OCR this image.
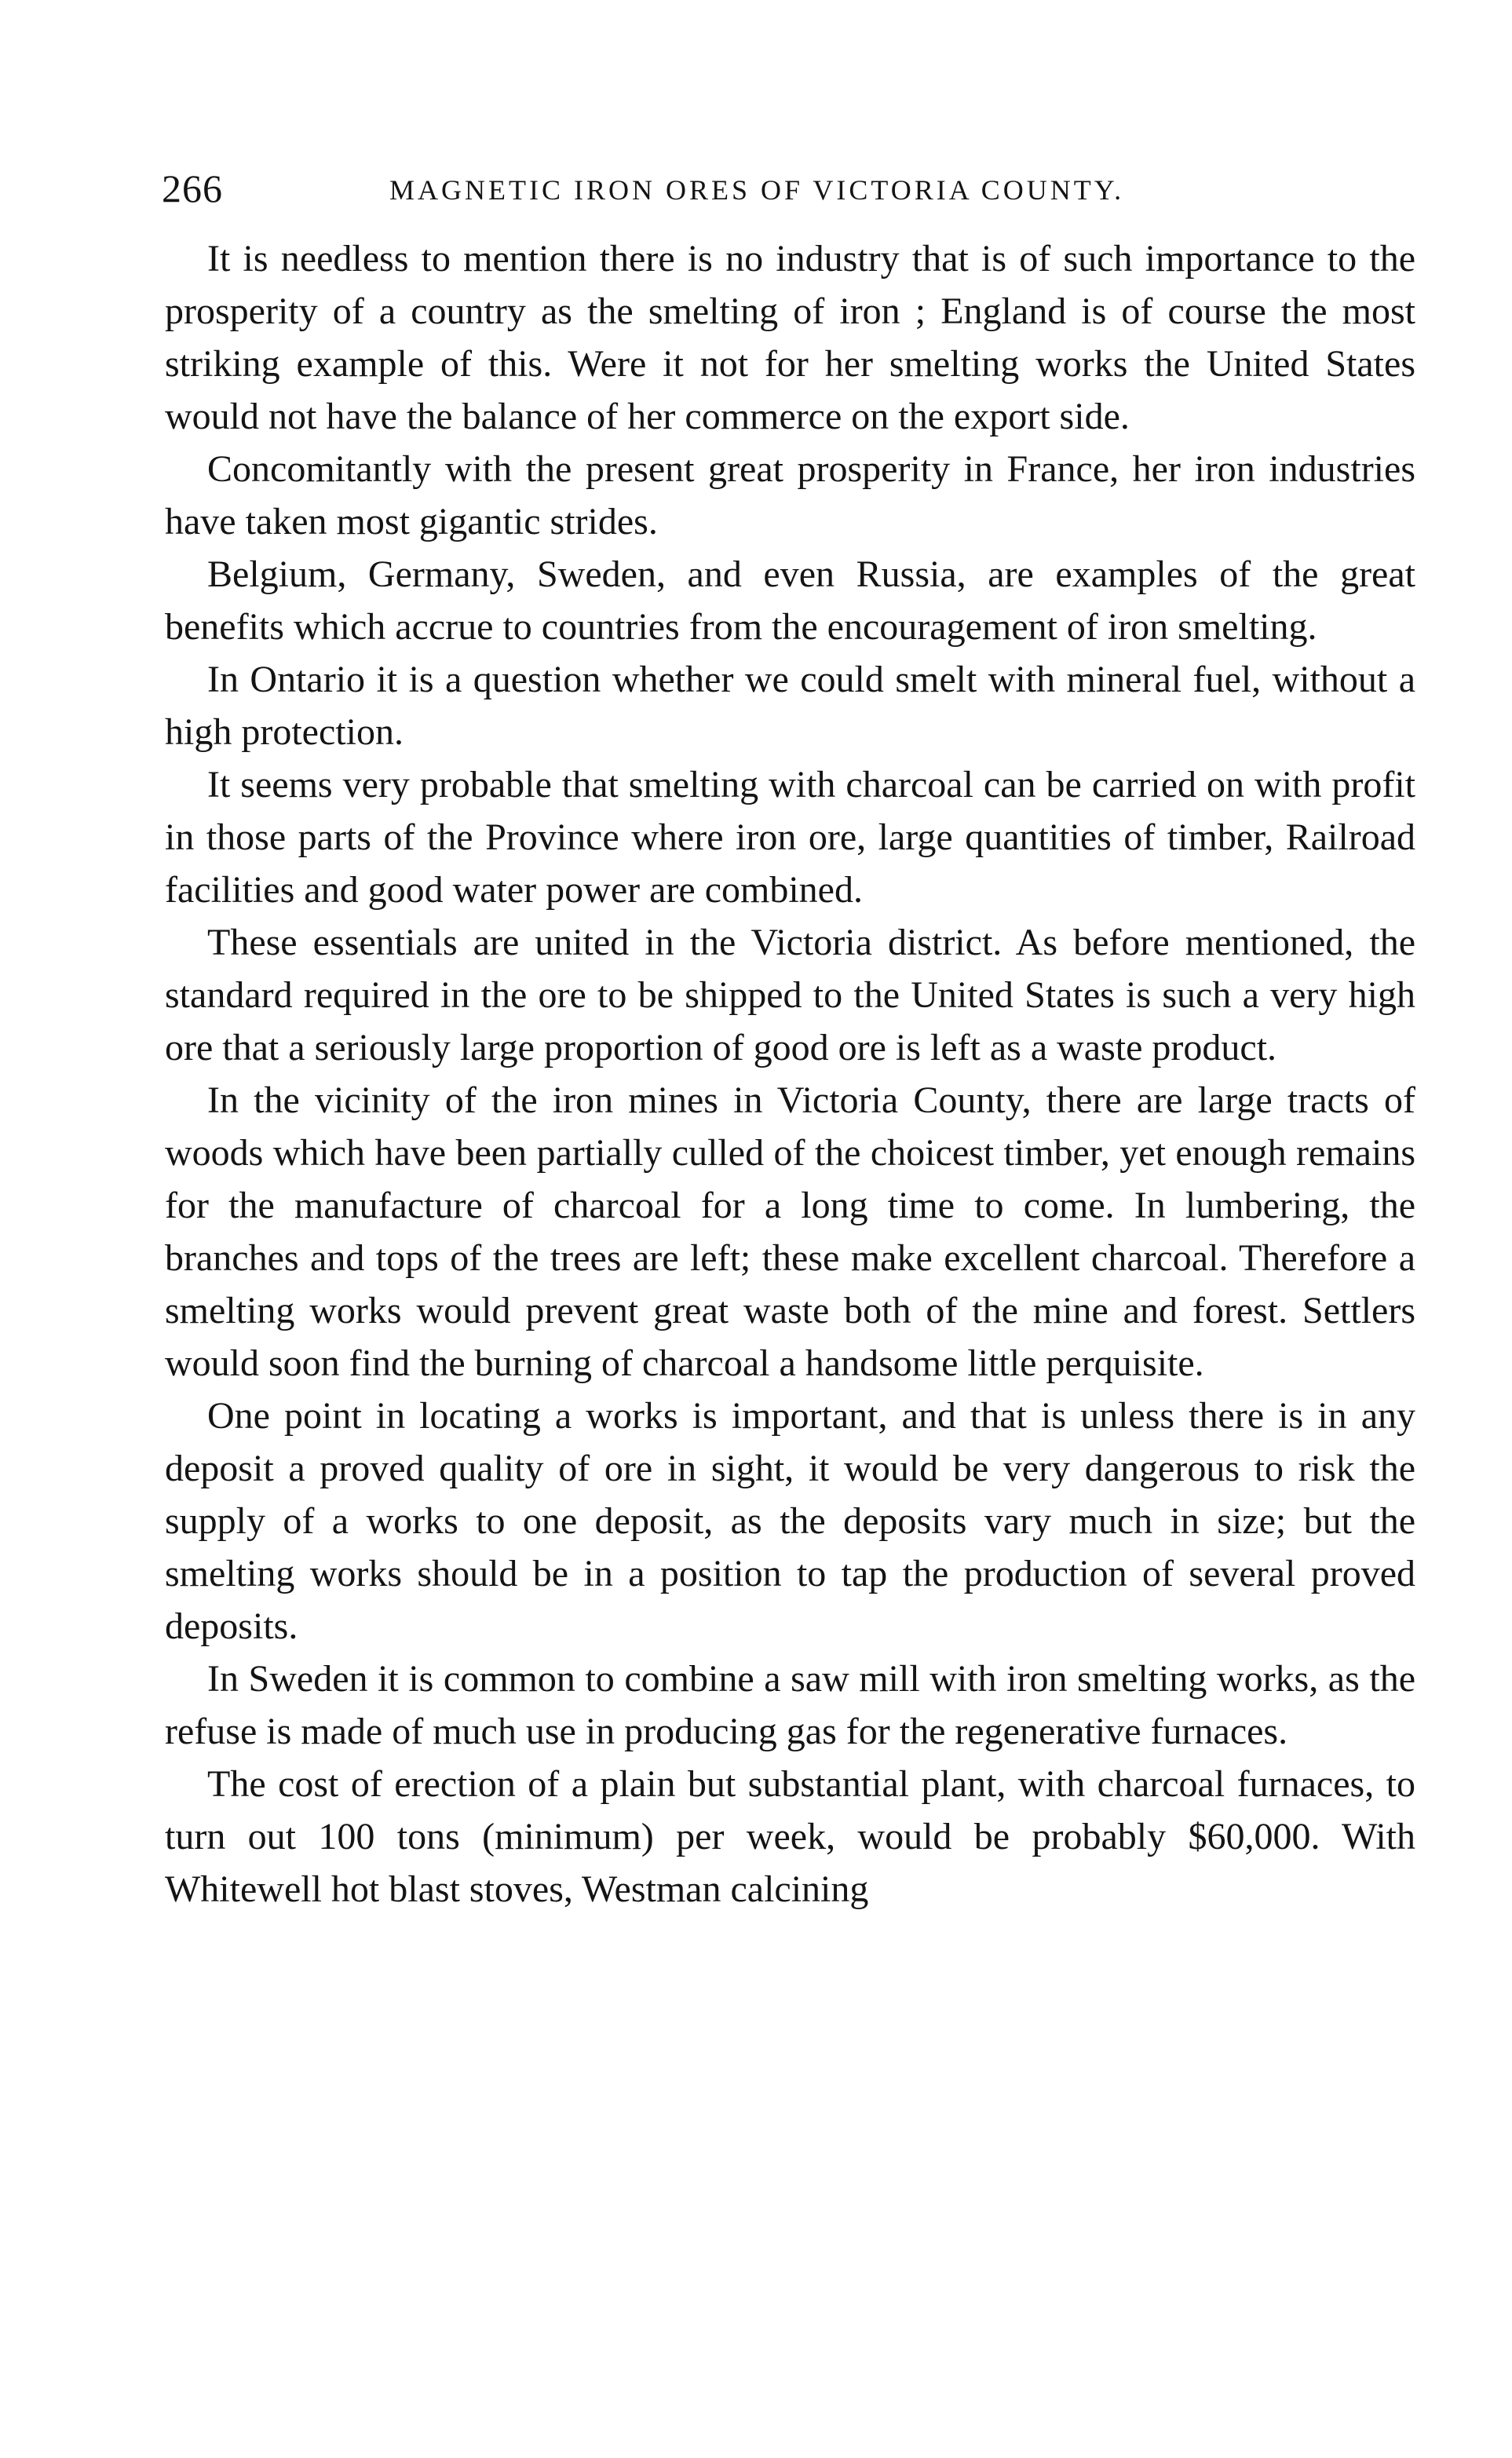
266	MAGNETIC IRON ORES OF VICTORIA COUNTY.

It is needless to mention there is no industry that is of such importance to the prosperity of a country as the smelting of iron ; England is of course the most striking example of this. Were it not for her smelting works the United States would not have the balance of her commerce on the export side.

Concomitantly with the present great prosperity in France, her iron industries have taken most gigantic strides.

Belgium, Germany, Sweden, and even Russia, are examples of the great benefits which accrue to countries from the encouragement of iron smelting.

In Ontario it is a question whether we could smelt with mineral fuel, without a high protection.

It seems very probable that smelting with charcoal can be carried on with profit in those parts of the Province where iron ore, large quantities of timber, Railroad facilities and good water power are combined.

These essentials are united in the Victoria district. As before mentioned, the standard required in the ore to be shipped to the United States is such a very high ore that a seriously large proportion of good ore is left as a waste product.

In the vicinity of the iron mines in Victoria County, there are large tracts of woods which have been partially culled of the choicest timber, yet enough remains for the manufacture of charcoal for a long time to come. In lumbering, the branches and tops of the trees are left; these make excellent charcoal. Therefore a smelting works would prevent great waste both of the mine and forest. Settlers would soon find the burning of charcoal a handsome little perquisite.

One point in locating a works is important, and that is unless there is in any deposit a proved quality of ore in sight, it would be very dangerous to risk the supply of a works to one deposit, as the deposits vary much in size; but the smelting works should be in a position to tap the production of several proved deposits.

In Sweden it is common to combine a saw mill with iron smelting works, as the refuse is made of much use in producing gas for the regenerative furnaces.

The cost of erection of a plain but substantial plant, with charcoal furnaces, to turn out 100 tons (minimum) per week, would be probably $60,000. With Whitewell hot blast stoves, Westman calcining
